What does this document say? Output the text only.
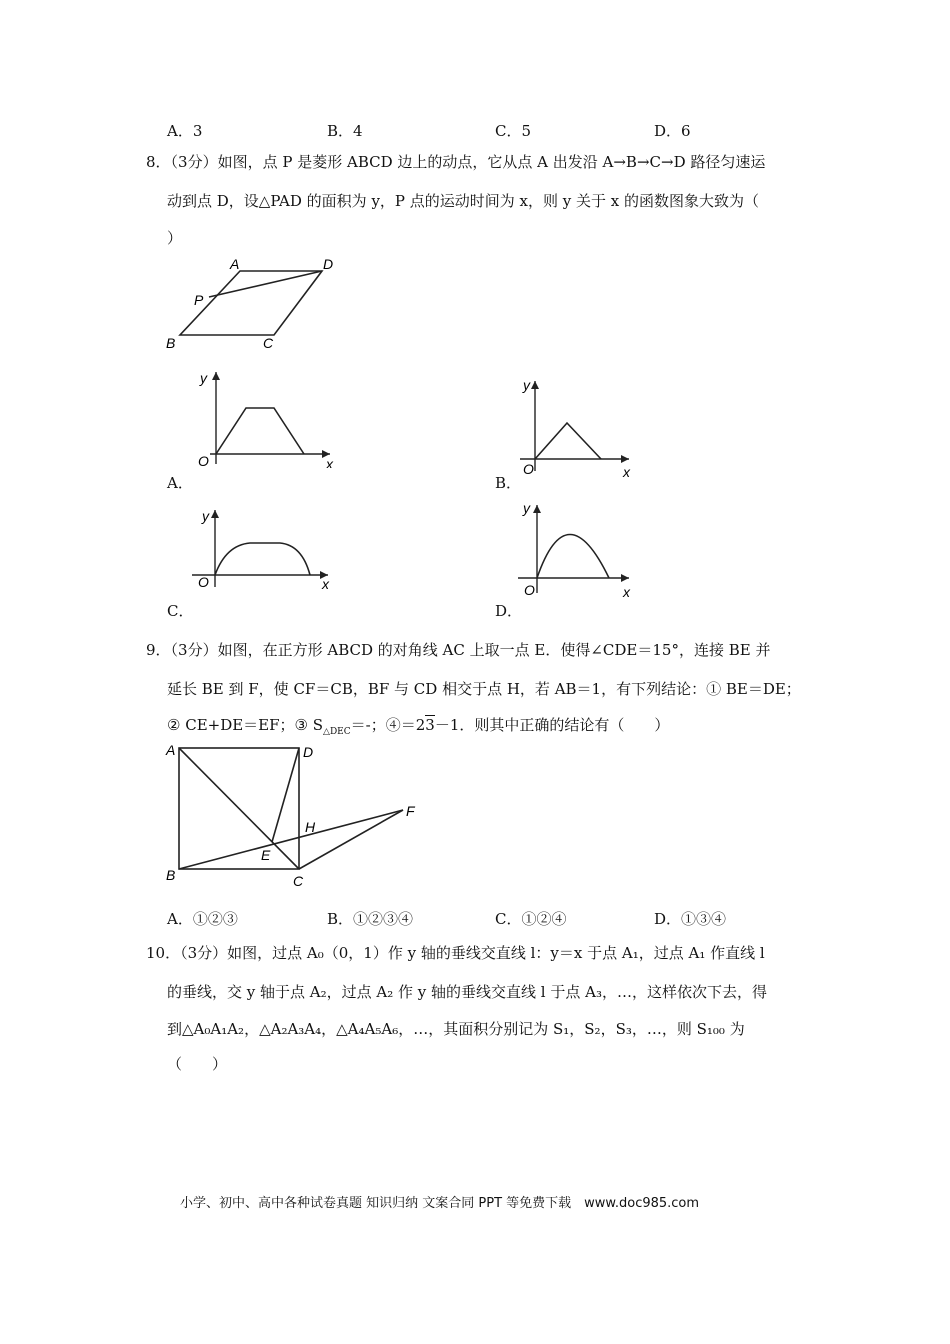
A．3	B．4	C．5	D．6
8．（3分）如图，点 P 是菱形 ABCD 边上的动点，它从点 A 出发沿 A→B→C→D 路径匀速运
动到点 D，设△PAD 的面积为 y，P 点的运动时间为 x，则 y 关于 x 的函数图象大致为（
）
A	D
P
B	C
y
x
O
A．
y
x
O
B．
y
x
O
C．
y
x
O
D．
9．（3分）如图，在正方形 ABCD 的对角线 AC 上取一点 E．使得∠CDE＝15°，连接 BE 并
延长 BE 到 F，使 CF＝CB，BF 与 CD 相交于点 H，若 AB＝1，有下列结论：① BE＝DE；
② CE+DE＝EF；③ $S_{\triangle DEC}=-$；④＝23－1．则其中正确的结论有（　　）
A	D
H
F
E
B	C
A．①②③	B．①②③④	C．①②④	D．①③④
10．（3分）如图，过点 A₀（0，1）作 y 轴的垂线交直线 l：y＝x 于点 A₁，过点 A₁ 作直线 l
的垂线，交 y 轴于点 A₂，过点 A₂ 作 y 轴的垂线交直线 l 于点 A₃，…，这样依次下去，得
到△A₀A₁A₂，△A₂A₃A₄，△A₄A₅A₆，…，其面积分别记为 S₁，S₂，S₃，…，则 S₁₀₀ 为
（　　）
小学、初中、高中各种试卷真题 知识归纳 文案合同 PPT 等免费下载　www.doc985.com
